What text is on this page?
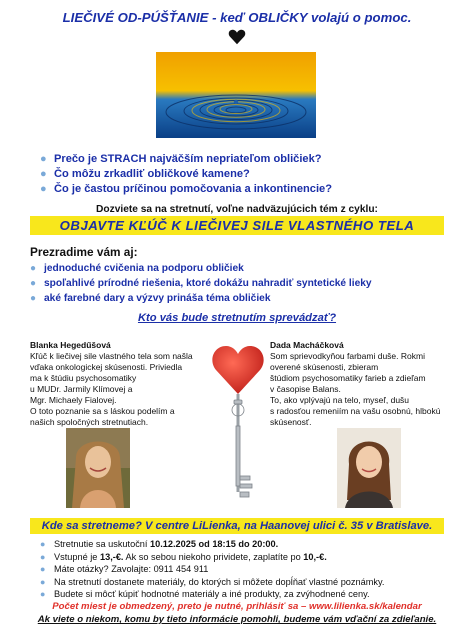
LIEČIVÉ OD-PÚŠŤANIE - keď OBLIČKY volajú o pomoc.
● Prečo je STRACH najväčším nepriateľom obličiek?
● Čo môžu zrkadliť obličkové kamene?
● Čo je častou príčinou pomočovania a inkontinencie?
Dozviete sa na stretnutí, voľne nadväzujúcich tém z cyklu:
OBJAVTE KĽÚČ K LIEČIVEJ SILE VLASTNÉHO TELA
Prezradime vám aj:
● jednoduché cvičenia na podporu obličiek
● spoľahlivé prírodné riešenia, ktoré dokážu nahradiť syntetické lieky
● aké farebné dary a výzvy prináša téma obličiek
Kto vás bude stretnutím sprevádzať?
Blanka Hegedűšová
Kľúč k liečivej sile vlastného tela som našla
vďaka onkologickej skúsenosti. Priviedla
ma k štúdiu psychosomatiky
u MUDr. Jarmily Klímovej a
Mgr. Michaely Fialovej.
O toto poznanie sa s láskou podelím a
našich spoločných stretnutiach.
Dada Macháčková
Som sprievodkyňou farbami duše. Rokmi
overené skúsenosti, zbieram
štúdiom psychosomatiky farieb a zdieľam
v časopise Balans.
To, ako vplývajú na telo, myseľ, dušu
s radosťou remeniím na vašu osobnú, hlbokú
skúsenosť.
Kde sa stretneme? V centre LiLienka, na Haanovej ulici č. 35 v Bratislave.
● Stretnutie sa uskutoční 10.12.2025 od 18:15 do 20:00.
● Vstupné je 13,-€. Ak so sebou niekoho prividete, zaplatíte po 10,-€.
● Máte otázky? Zavolajte: 0911 454 911
● Na stretnutí dostanete materiály, do ktorých si môžete dopĺňať vlastné poznámky.
● Budete si môcť kúpiť hodnotné materiály a iné produkty, za zvýhodnené ceny.
Počet miest je obmedzený, preto je nutné, prihlásiť sa – www.lilienka.sk/kalendar
Ak viete o niekom, komu by tieto informácie pomohli, budeme vám vďační za zdieľanie.
